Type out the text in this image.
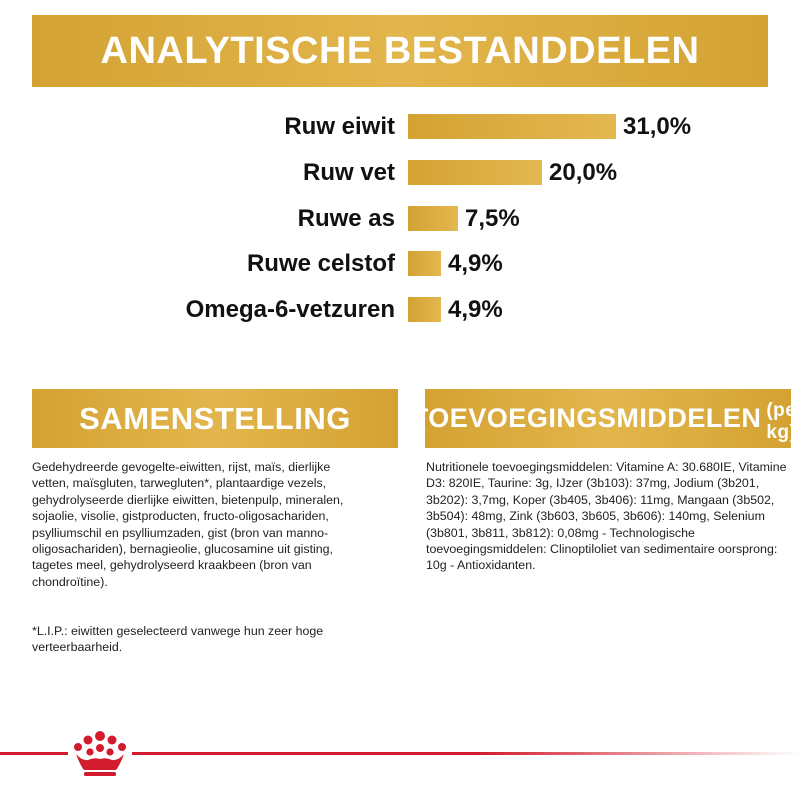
ANALYTISCHE BESTANDDELEN
Ruw eiwit	31,0%
Ruw vet	20,0%
Ruwe as	7,5%
Ruwe celstof 4,9%
Omega-6-vetzuren 4,9%
SAMENSTELLING

Gedehydreerde gevogelte-eiwitten, rijst, maïs, dierlijke vetten, maïsgluten, tarwegluten*, plantaardige vezels, gehydrolyseerde dierlijke eiwitten, bietenpulp, mineralen, sojaolie, visolie, gistproducten, fructo-oligosachariden, psylliumschil en psylliumzaden, gist (bron van manno-oligosachariden), bernagieolie, glucosamine uit gisting, tagetes meel, gehydrolyseerd kraakbeen (bron van chondroïtine).

*L.I.P.: eiwitten geselecteerd vanwege hun zeer hoge verteerbaarheid.

TOEVOEGINGSMIDDELEN (per kg)

Nutritionele toevoegingsmiddelen: Vitamine A: 30.680IE, Vitamine D3: 820IE, Taurine: 3g, IJzer (3b103): 37mg, Jodium (3b201, 3b202): 3,7mg, Koper (3b405, 3b406): 11mg, Mangaan (3b502, 3b504): 48mg, Zink (3b603, 3b605, 3b606): 140mg, Selenium (3b801, 3b811, 3b812): 0,08mg - Technologische toevoegingsmiddelen: Clinoptiloliet van sedimentaire oorsprong: 10g - Antioxidanten.
